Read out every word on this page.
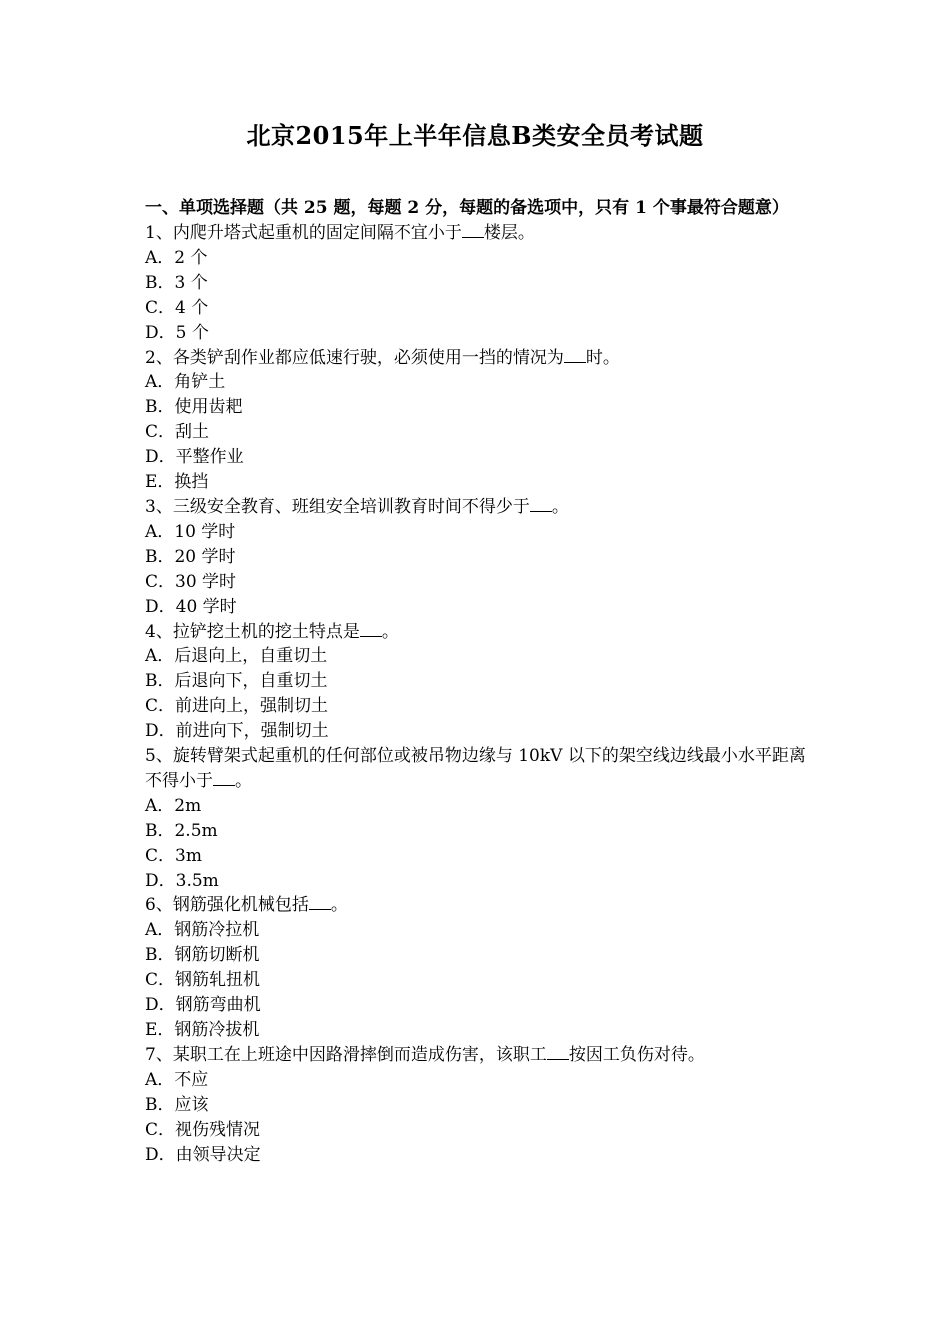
北京2015年上半年信息B类安全员考试题
一、单项选择题（共 25 题，每题 2 分，每题的备选项中，只有 1 个事最符合题意）
1、内爬升塔式起重机的固定间隔不宜小于 楼层。
A．2 个
B．3 个
C．4 个
D．5 个
2、各类铲刮作业都应低速行驶，必须使用一挡的情况为 时。
A．角铲土
B．使用齿耙
C．刮土
D．平整作业
E．换挡
3、三级安全教育、班组安全培训教育时间不得少于 。
A．10 学时
B．20 学时
C．30 学时
D．40 学时
4、拉铲挖土机的挖土特点是 。
A．后退向上，自重切土
B．后退向下，自重切土
C．前进向上，强制切土
D．前进向下，强制切土
5、旋转臂架式起重机的任何部位或被吊物边缘与 10kV 以下的架空线边线最小水平距离不得小于 。
A．2m
B．2.5m
C．3m
D．3.5m
6、钢筋强化机械包括 。
A．钢筋冷拉机
B．钢筋切断机
C．钢筋轧扭机
D．钢筋弯曲机
E．钢筋冷拔机
7、某职工在上班途中因路滑摔倒而造成伤害，该职工 按因工负伤对待。
A．不应
B．应该
C．视伤残情况
D．由领导决定
